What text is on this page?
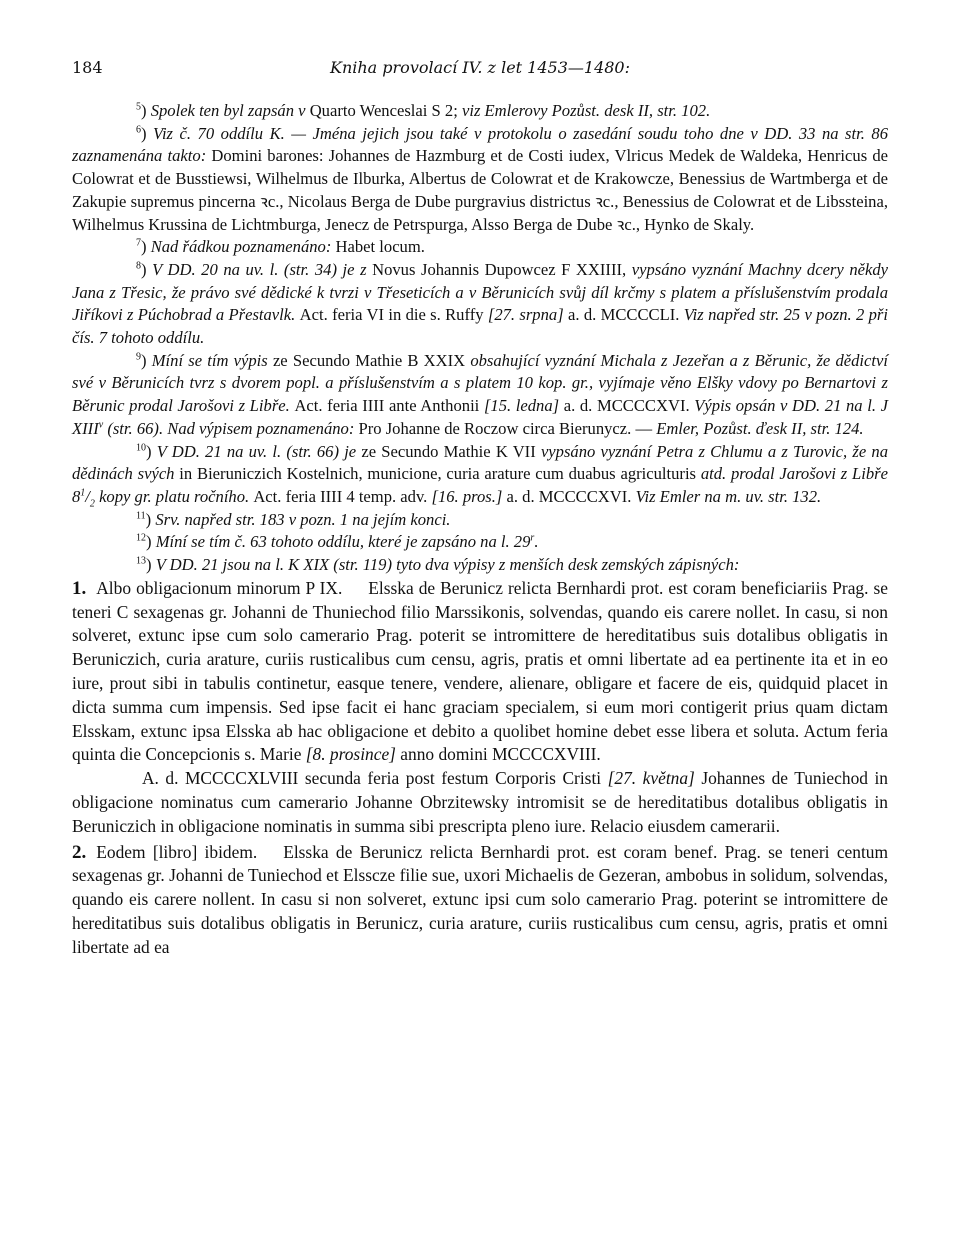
184	Kniha provolací IV. z let 1453—1480:

$^5$) Spolek ten byl zapsán v Quarto Wenceslai S 2; viz Emlerovy Pozůst. desk II, str. 102.

$^6$) Viz č. 70 oddílu K. — Jména jejich jsou také v protokolu o zasedání soudu toho dne v DD. 33 na str. 86 zaznamenána takto: Domini barones: Johannes de Hazmburg et de Costi iudex, Vlricus Medek de Waldeka, Henricus de Colowrat et de Busstiewsi, Wilhelmus de Ilburka, Albertus de Colowrat et de Krakowcze, Benessius de Wartmberga et de Zakupie supremus pincerna ꝛc., Nicolaus Berga de Dube purgravius districtus ꝛc., Benessius de Colowrat et de Libssteina, Wilhelmus Krussina de Lichtmburga, Jenecz de Petrspurga, Alsso Berga de Dube ꝛc., Hynko de Skaly.

$^7$) Nad řádkou poznamenáno: Habet locum.

$^8$) V DD. 20 na uv. l. (str. 34) je z Novus Johannis Dupowcez F XXIIII, vypsáno vyznání Machny dcery někdy Jana z Třesic, že právo své dědické k tvrzi v Třeseticích a v Běrunicích svůj díl krčmy s platem a příslušenstvím prodala Jiříkovi z Púchobrad a Přestavlk. Act. feria VI in die s. Ruffy [27. srpna] a. d. MCCCCLI. Viz napřed str. 25 v pozn. 2 při čís. 7 tohoto oddílu.

$^9$) Míní se tím výpis ze Secundo Mathie B XXIX obsahující vyznání Michala z Jezeřan a z Běrunic, že dědictví své v Běrunicích tvrz s dvorem popl. a příslušenstvím a s platem 10 kop. gr., vyjímaje věno Elšky vdovy po Bernartovi z Běrunic prodal Jarošovi z Libře. Act. feria IIII ante Anthonii [15. ledna] a. d. MCCCCXVI. Výpis opsán v DD. 21 na l. J XIII$^v$ (str. 66). Nad výpisem poznamenáno: Pro Johanne de Roczow circa Bierunycz. — Emler, Pozůst. ďesk II, str. 124.

$^{10}$) V DD. 21 na uv. l. (str. 66) je ze Secundo Mathie K VII vypsáno vyznání Petra z Chlumu a z Turovic, že na dědinách svých in Bieruniczich Kostelnich, municione, curia arature cum duabus agriculturis atd. prodal Jarošovi z Libře $8^1/_2$ kopy gr. platu ročního. Act. feria IIII 4 temp. adv. [16. pros.] a. d. MCCCCXVI. Viz Emler na m. uv. str. 132.

$^{11}$) Srv. napřed str. 183 v pozn. 1 na jejím konci.

$^{12}$) Míní se tím č. 63 tohoto oddílu, které je zapsáno na l. 29$^r$.

$^{13}$) V DD. 21 jsou na l. K XIX (str. 119) tyto dva výpisy z menších desk zemských zápisných:

1. Albo obligacionum minorum P IX. Elsska de Berunicz relicta Bernhardi prot. est coram beneficiariis Prag. se teneri C sexagenas gr. Johanni de Thuniechod filio Marssikonis, solvendas, quando eis carere nollet. In casu, si non solveret, extunc ipse cum solo camerario Prag. poterit se intromittere de hereditatibus suis dotalibus obligatis in Beruniczich, curia arature, curiis rusticalibus cum censu, agris, pratis et omni libertate ad ea pertinente ita et in eo iure, prout sibi in tabulis continetur, easque tenere, vendere, alienare, obligare et facere de eis, quidquid placet in dicta summa cum impensis. Sed ipse facit ei hanc graciam specialem, si eum mori contigerit prius quam dictam Elsskam, extunc ipsa Elsska ab hac obligacione et debito a quolibet homine debet esse libera et soluta. Actum feria quinta die Concepcionis s. Marie [8. prosince] anno domini MCCCCXVIII.

A. d. MCCCCXLVIII secunda feria post festum Corporis Cristi [27. května] Johannes de Tuniechod in obligacione nominatus cum camerario Johanne Obrzitewsky intromisit se de hereditatibus dotalibus obligatis in Beruniczich in obligacione nominatis in summa sibi prescripta pleno iure. Relacio eiusdem camerarii.

2. Eodem [libro] ibidem. Elsska de Berunicz relicta Bernhardi prot. est coram benef. Prag. se teneri centum sexagenas gr. Johanni de Tuniechod et Elsscze filie sue, uxori Michaelis de Gezeran, ambobus in solidum, solvendas, quando eis carere nollent. In casu si non solveret, extunc ipsi cum solo camerario Prag. poterint se intromittere de hereditatibus suis dotalibus obligatis in Berunicz, curia arature, curiis rusticalibus cum censu, agris, pratis et omni libertate ad ea
